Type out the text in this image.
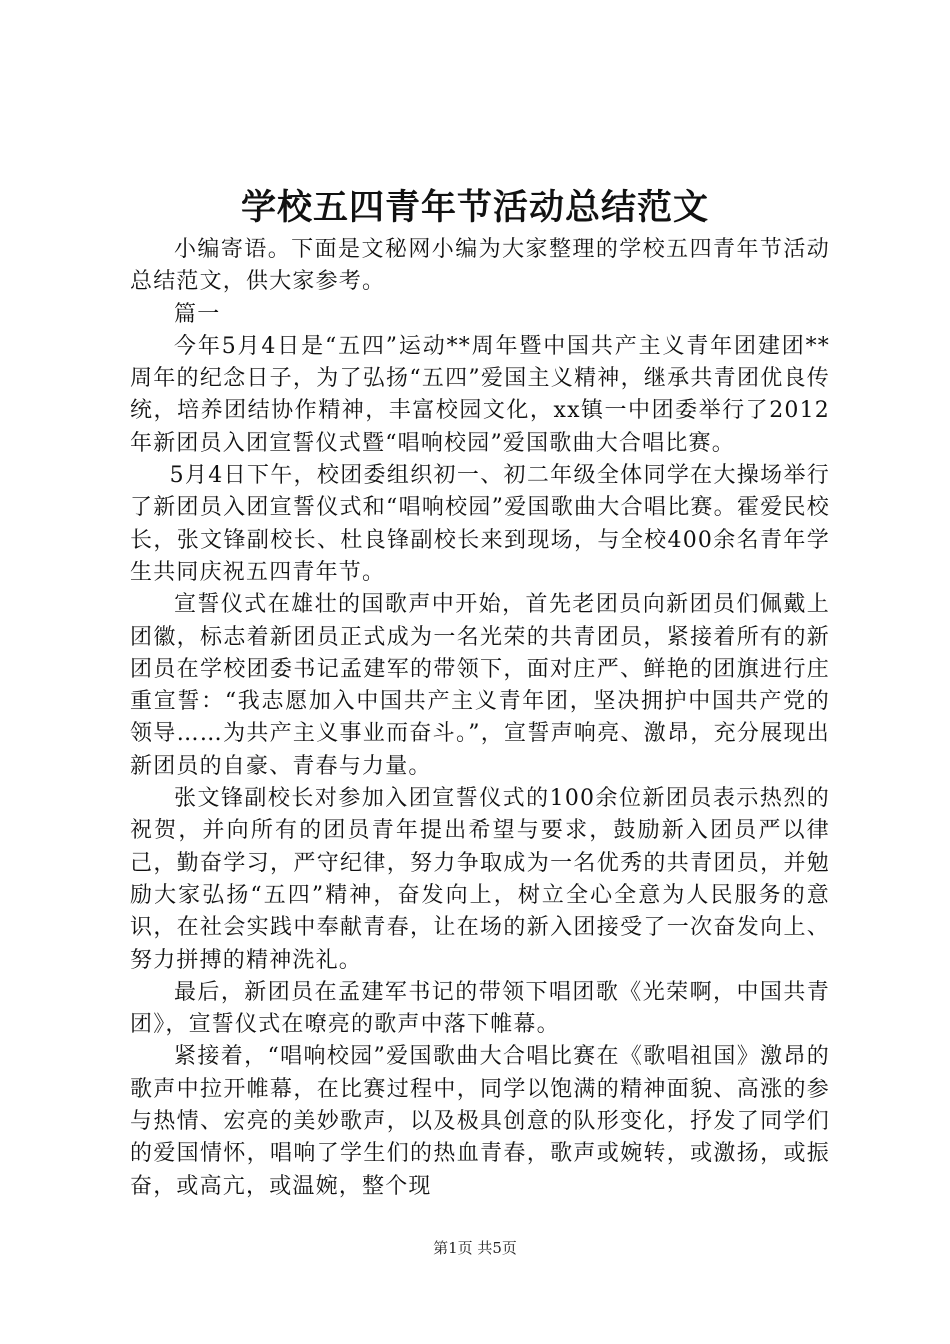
学校五四青年节活动总结范文

小编寄语。下面是文秘网小编为大家整理的学校五四青年节活动总结范文，供大家参考。

篇一

今年5月4日是“五四”运动**周年暨中国共产主义青年团建团**周年的纪念日子，为了弘扬“五四”爱国主义精神，继承共青团优良传统，培养团结协作精神，丰富校园文化，xx镇一中团委举行了2012年新团员入团宣誓仪式暨“唱响校园”爱国歌曲大合唱比赛。

5月4日下午，校团委组织初一、初二年级全体同学在大操场举行了新团员入团宣誓仪式和“唱响校园”爱国歌曲大合唱比赛。霍爱民校长，张文锋副校长、杜良锋副校长来到现场，与全校400余名青年学生共同庆祝五四青年节。

宣誓仪式在雄壮的国歌声中开始，首先老团员向新团员们佩戴上团徽，标志着新团员正式成为一名光荣的共青团员，紧接着所有的新团员在学校团委书记孟建军的带领下，面对庄严、鲜艳的团旗进行庄重宣誓：“我志愿加入中国共产主义青年团，坚决拥护中国共产党的领导……为共产主义事业而奋斗。”，宣誓声响亮、激昂，充分展现出新团员的自豪、青春与力量。

张文锋副校长对参加入团宣誓仪式的100余位新团员表示热烈的祝贺，并向所有的团员青年提出希望与要求，鼓励新入团员严以律己，勤奋学习，严守纪律，努力争取成为一名优秀的共青团员，并勉励大家弘扬“五四”精神，奋发向上，树立全心全意为人民服务的意识，在社会实践中奉献青春，让在场的新入团接受了一次奋发向上、努力拼搏的精神洗礼。

最后，新团员在孟建军书记的带领下唱团歌《光荣啊，中国共青团》，宣誓仪式在嘹亮的歌声中落下帷幕。

紧接着，“唱响校园”爱国歌曲大合唱比赛在《歌唱祖国》激昂的歌声中拉开帷幕，在比赛过程中，同学以饱满的精神面貌、高涨的参与热情、宏亮的美妙歌声，以及极具创意的队形变化，抒发了同学们的爱国情怀，唱响了学生们的热血青春，歌声或婉转，或激扬，或振奋，或高亢，或温婉，整个现

第1页 共5页
